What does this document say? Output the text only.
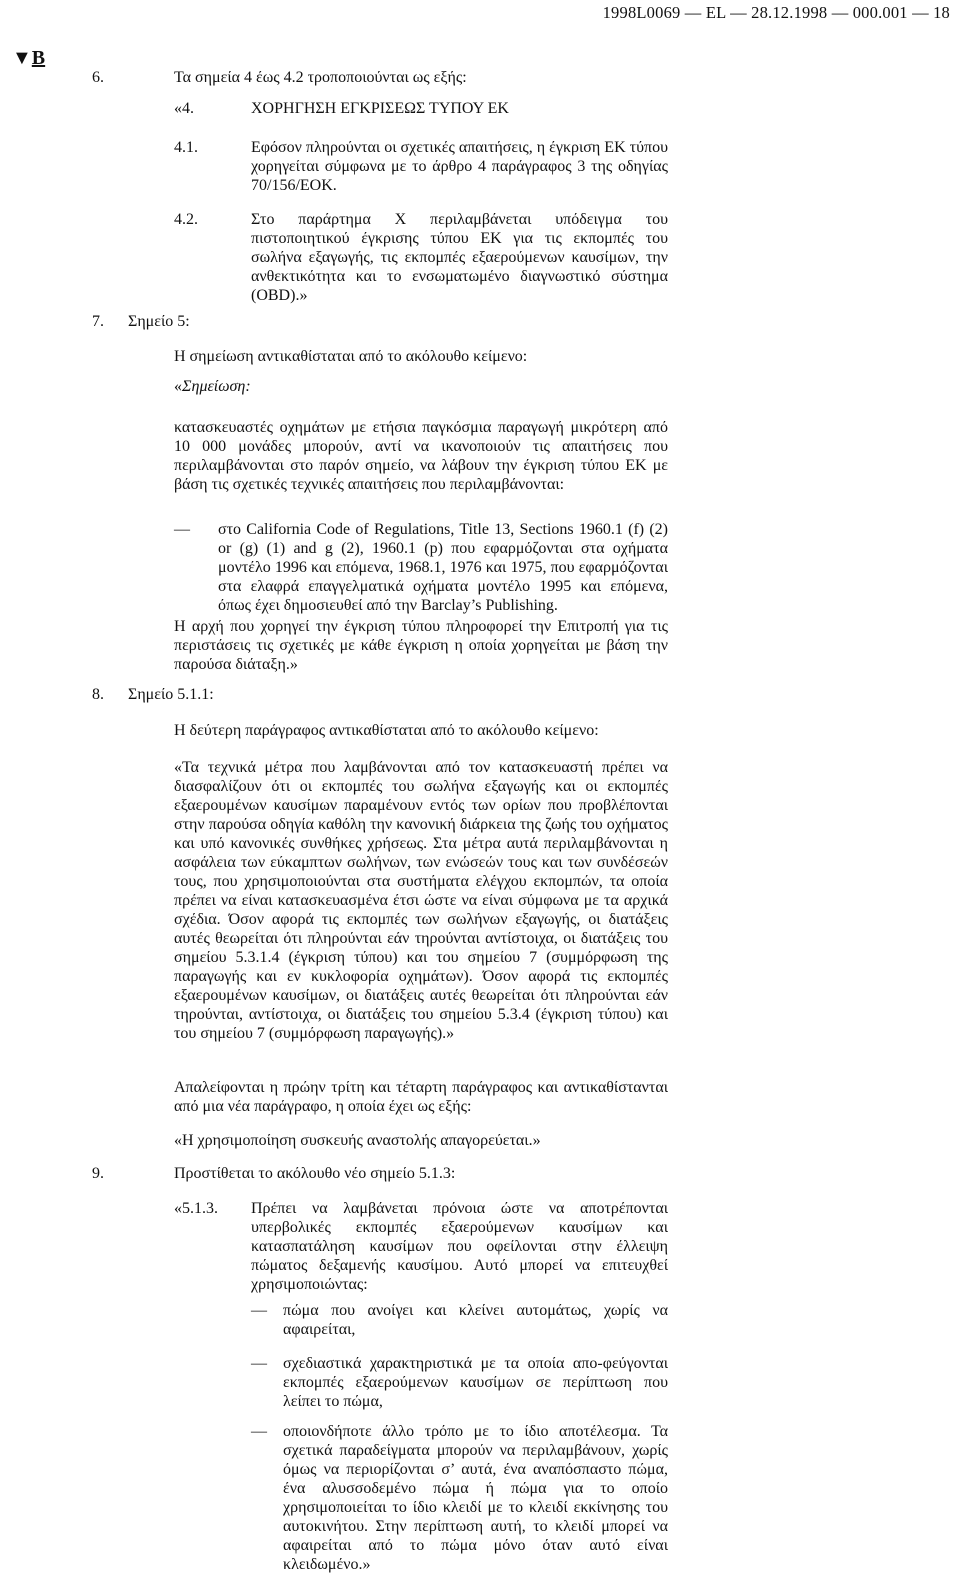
1998L0069 — EL — 28.12.1998 — 000.001 — 18
▼B
6.	Τα σημεία 4 έως 4.2 τροποποιούνται ως εξής:
«4.	ΧΟΡΗΓΗΣΗ ΕΓΚΡΙΣΕΩΣ ΤΥΠΟΥ ΕΚ
4.1.	Εφόσον πληρούνται οι σχετικές απαιτήσεις, η έγκριση ΕΚ τύπου χορηγείται σύμφωνα με το άρθρο 4 παράγραφος 3 της οδηγίας 70/156/ΕΟΚ.

4.2.	Στο παράρτημα X περιλαμβάνεται υπόδειγμα του πιστοποιητικού έγκρισης τύπου ΕΚ για τις εκπομπές του σωλήνα εξαγωγής, τις εκπομπές εξαερούμενων καυσίμων, την ανθεκτικότητα και το ενσωματωμένο διαγνωστικό σύστημα (OBD).»

7. Σημείο 5:

Η σημείωση αντικαθίσταται από το ακόλουθο κείμενο:

«Σημείωση:

κατασκευαστές οχημάτων με ετήσια παγκόσμια παραγωγή μικρότερη από 10 000 μονάδες μπορούν, αντί να ικανοποιούν τις απαιτήσεις που περιλαμβάνονται στο παρόν σημείο, να λάβουν την έγκριση τύπου ΕΚ με βάση τις σχετικές τεχνικές απαιτήσεις που περιλαμβάνονται:

— στο California Code of Regulations, Title 13, Sections 1960.1 (f) (2) or (g) (1) and g (2), 1960.1 (p) που εφαρμόζονται στα οχήματα μοντέλο 1996 και επόμενα, 1968.1, 1976 και 1975, που εφαρμόζονται στα ελαφρά επαγγελματικά οχήματα μοντέλο 1995 και επόμενα, όπως έχει δημοσιευθεί από την Barclay’s Publishing.

Η αρχή που χορηγεί την έγκριση τύπου πληροφορεί την Επιτροπή για τις περιστάσεις τις σχετικές με κάθε έγκριση η οποία χορηγείται με βάση την παρούσα διάταξη.»

8. Σημείο 5.1.1:

Η δεύτερη παράγραφος αντικαθίσταται από το ακόλουθο κείμενο:

«Τα τεχνικά μέτρα που λαμβάνονται από τον κατασκευαστή πρέπει να διασφαλίζουν ότι οι εκπομπές του σωλήνα εξαγωγής και οι εκπομπές εξαερουμένων καυσίμων παραμένουν εντός των ορίων που προβλέπονται στην παρούσα οδηγία καθόλη την κανονική διάρκεια της ζωής του οχήματος και υπό κανονικές συνθήκες χρήσεως. Στα μέτρα αυτά περιλαμβάνονται η ασφάλεια των εύκαμπτων σωλήνων, των ενώσεών τους και των συνδέσεών τους, που χρησιμοποιούνται στα συστήματα ελέγχου εκπομπών, τα οποία πρέπει να είναι κατασκευασμένα έτσι ώστε να είναι σύμφωνα με τα αρχικά σχέδια. Όσον αφορά τις εκπομπές των σωλήνων εξαγωγής, οι διατάξεις αυτές θεωρείται ότι πληρούνται εάν τηρούνται αντίστοιχα, οι διατάξεις του σημείου 5.3.1.4 (έγκριση τύπου) και του σημείου 7 (συμμόρφωση της παραγωγής και εν κυκλοφορία οχημάτων). Όσον αφορά τις εκπομπές εξαερουμένων καυσίμων, οι διατάξεις αυτές θεωρείται ότι πληρούνται εάν τηρούνται, αντίστοιχα, οι διατάξεις του σημείου 5.3.4 (έγκριση τύπου) και του σημείου 7 (συμμόρφωση παραγωγής).»

Απαλείφονται η πρώην τρίτη και τέταρτη παράγραφος και αντικαθίστανται από μια νέα παράγραφο, η οποία έχει ως εξής:

«Η χρησιμοποίηση συσκευής αναστολής απαγορεύεται.»

9.	Προστίθεται το ακόλουθο νέο σημείο 5.1.3:
«5.1.3. Πρέπει να λαμβάνεται πρόνοια ώστε να αποτρέπονται υπερβολικές εκπομπές εξαερούμενων καυσίμων και κατασπατάληση καυσίμων που οφείλονται στην έλλειψη πώματος δεξαμενής καυσίμου. Αυτό μπορεί να επιτευχθεί χρησιμοποιώντας:

— πώμα που ανοίγει και κλείνει αυτομάτως, χωρίς να αφαιρείται,

— σχεδιαστικά χαρακτηριστικά με τα οποία απο-φεύγονται εκπομπές εξαερούμενων καυσίμων σε περίπτωση που λείπει το πώμα,

— οποιονδήποτε άλλο τρόπο με το ίδιο αποτέλεσμα. Τα σχετικά παραδείγματα μπορούν να περιλαμβάνουν, χωρίς όμως να περιορίζονται σ’ αυτά, ένα αναπόσπαστο πώμα, ένα αλυσσοδεμένο πώμα ή πώμα για το οποίο χρησιμοποιείται το ίδιο κλειδί με το κλειδί εκκίνησης του αυτοκινήτου. Στην περίπτωση αυτή, το κλειδί μπορεί να αφαιρείται από το πώμα μόνο όταν αυτό είναι κλειδωμένο.»
